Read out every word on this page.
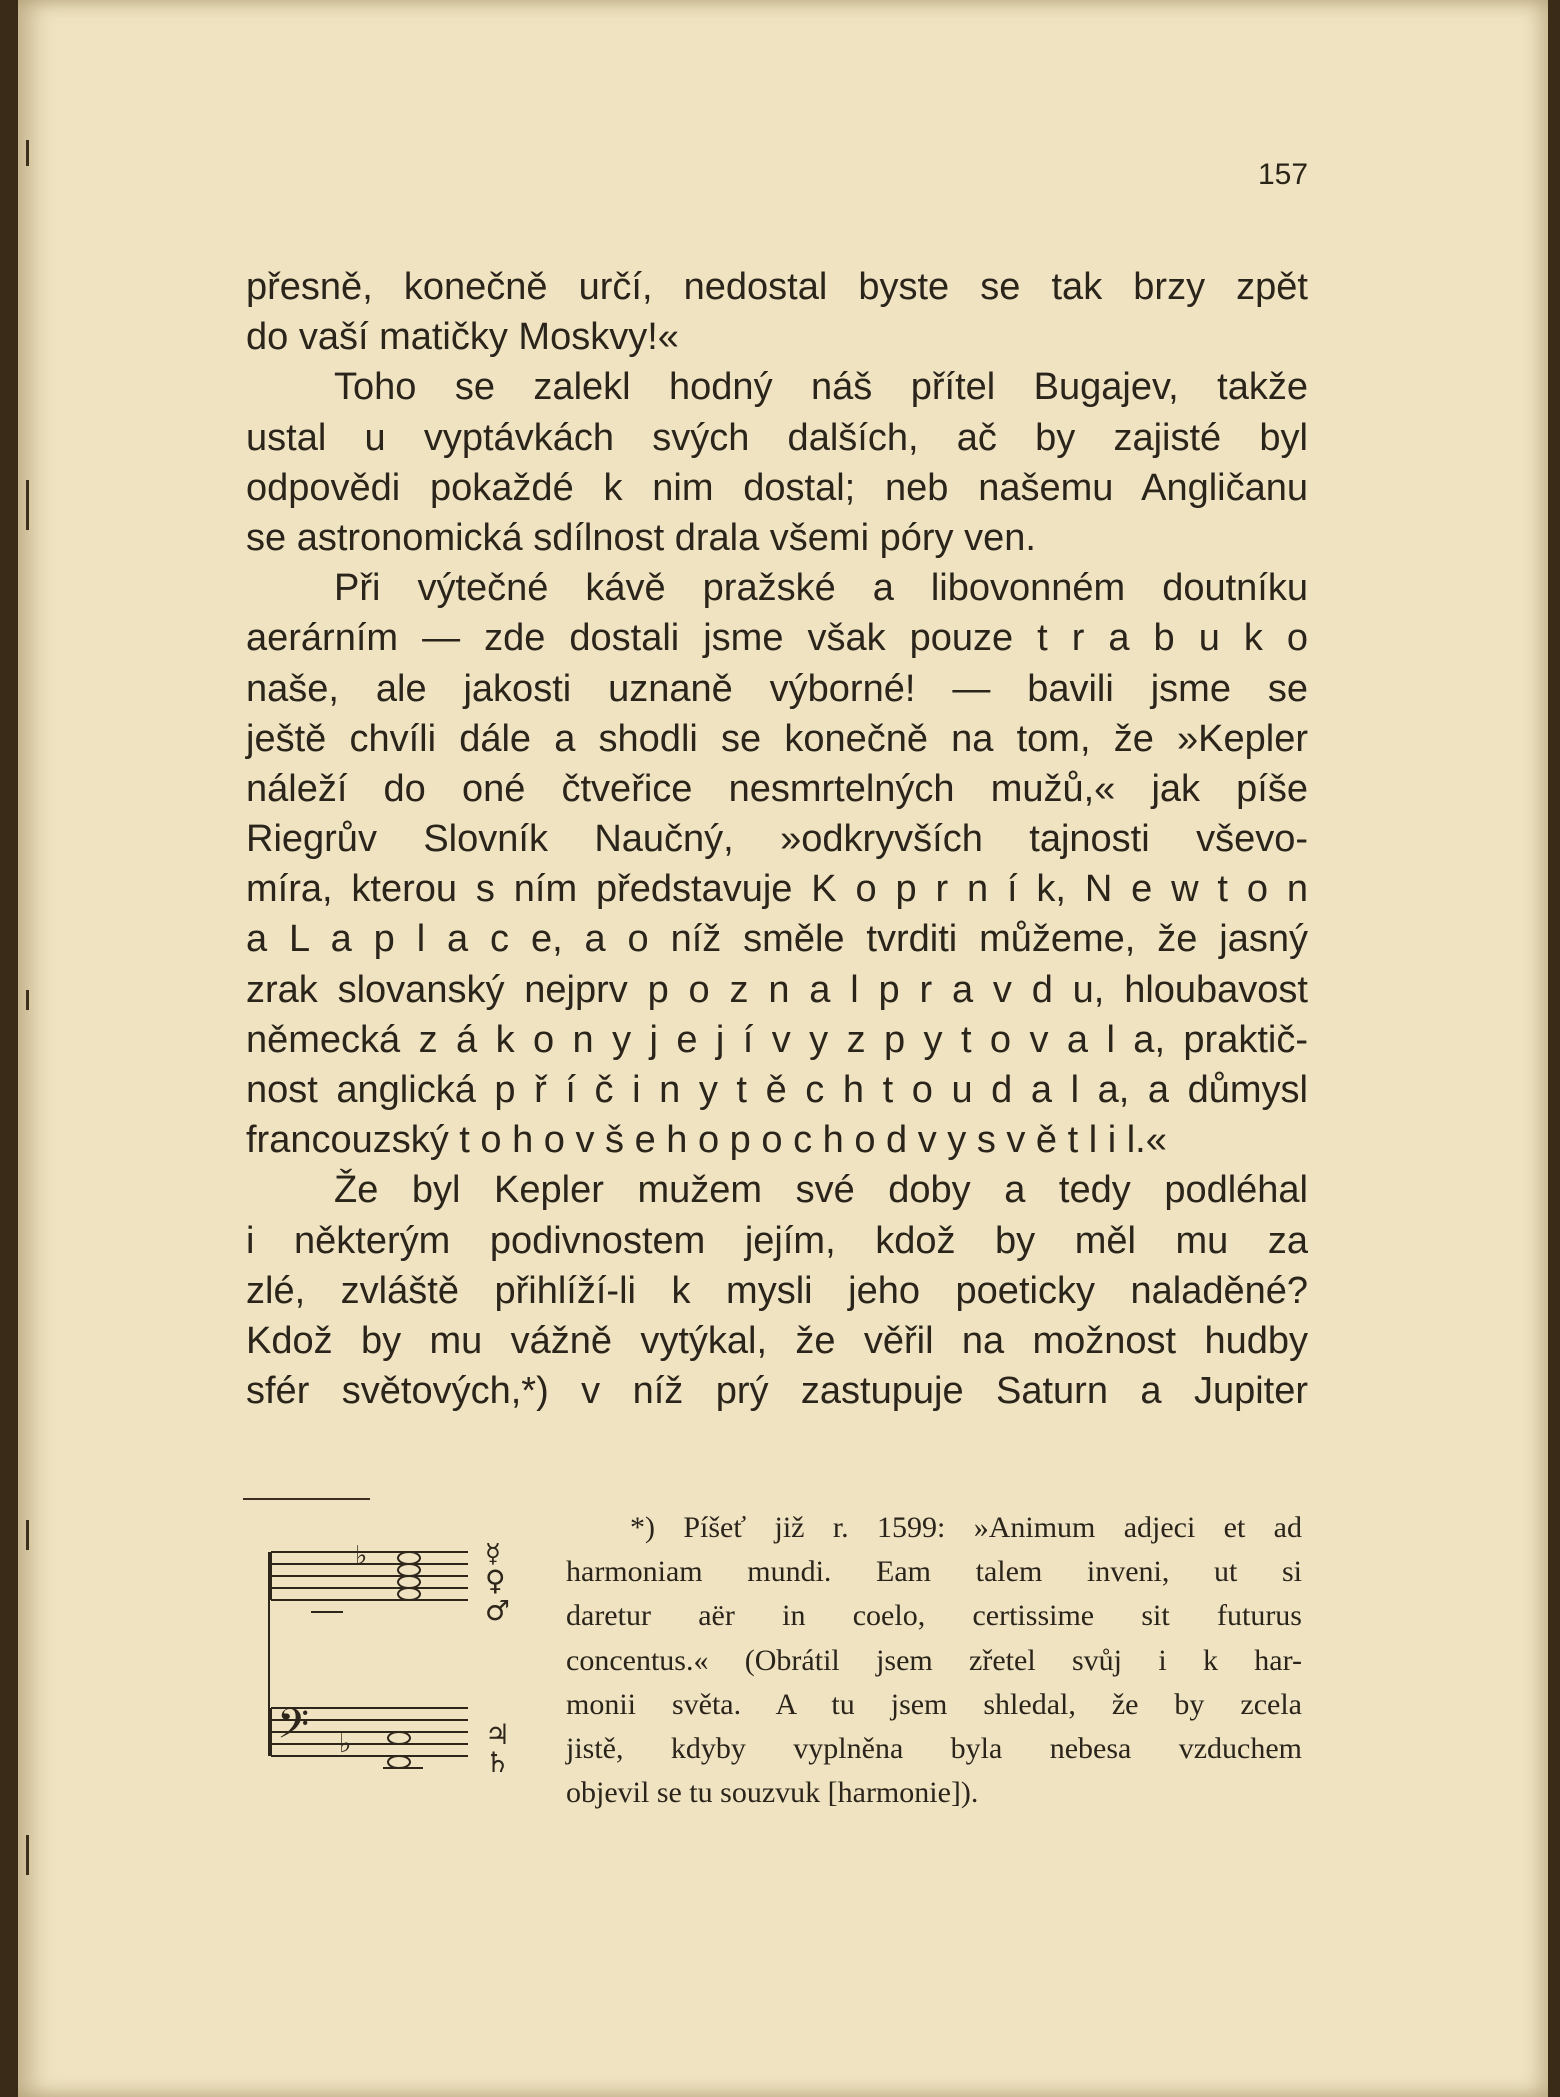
157
přesně, konečně určí, nedostal byste se tak brzy zpět
do vaší matičky Moskvy!«
Toho se zalekl hodný náš přítel Bugajev, takže
ustal u vyptávkách svých dalších, ač by zajisté byl
odpovědi pokaždé k nim dostal; neb našemu Angličanu
se astronomická sdílnost drala všemi póry ven.
Při výtečné kávě pražské a libovonném doutníku
aerárním — zde dostali jsme však pouze t r a b u k o
naše, ale jakosti uznaně výborné! — bavili jsme se
ještě chvíli dále a shodli se konečně na tom, že »Kepler
náleží do oné čtveřice nesmrtelných mužů,« jak píše
Riegrův Slovník Naučný, »odkryvších tajnosti vševo-
míra, kterou s ním představuje K o p r n í k, N e w t o n
a L a p l a c e, a o níž směle tvrditi můžeme, že jasný
zrak slovanský nejprv p o z n a l p r a v d u, hloubavost
německá z á k o n y j e j í v y z p y t o v a l a, praktič-
nost anglická p ř í č i n y t ě c h t o u d a l a, a důmysl
francouzský t o h o v š e h o p o c h o d v y s v ě t l i l.«
Že byl Kepler mužem své doby a tedy podléhal
i některým podivnostem jejím, kdož by měl mu za
zlé, zvláště přihlíží-li k mysli jeho poeticky naladěné?
Kdož by mu vážně vytýkal, že věřil na možnost hudby
sfér světových,*) v níž prý zastupuje Saturn a Jupiter
♭
♭
𝄢
☿
♀
♂
♃
♄
*) Píšeť již r. 1599: »Animum adjeci et ad
harmoniam mundi. Eam talem inveni, ut si
daretur aër in coelo, certissime sit futurus
concentus.« (Obrátil jsem zřetel svůj i k har-
monii světa. A tu jsem shledal, že by zcela
jistě, kdyby vyplněna byla nebesa vzduchem
objevil se tu souzvuk [harmonie]).
